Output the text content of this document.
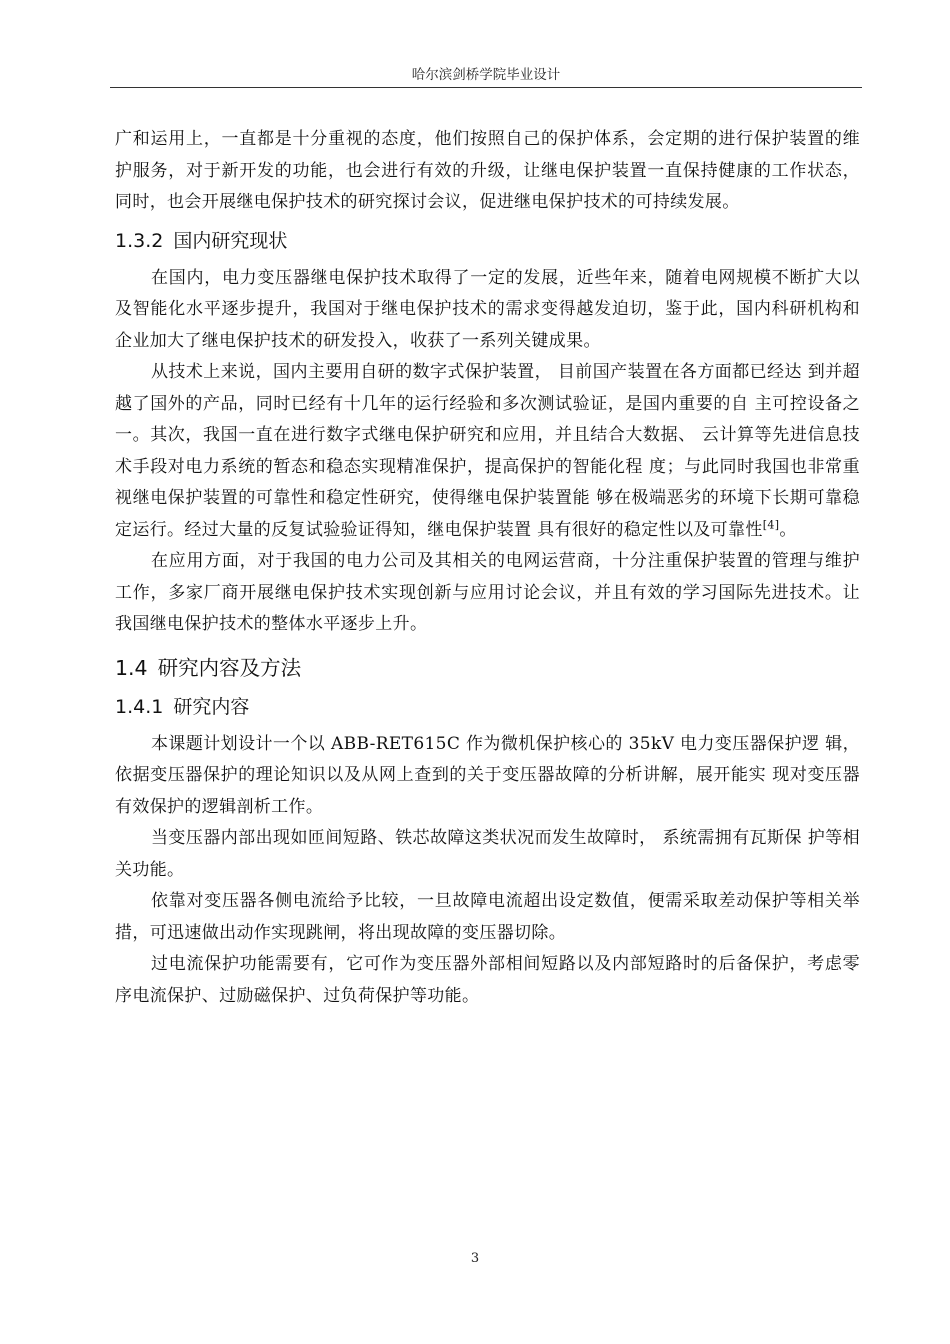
哈尔滨剑桥学院毕业设计

广和运用上，一直都是十分重视的态度，他们按照自己的保护体系，会定期的进行保护装置的维护服务，对于新开发的功能，也会进行有效的升级，让继电保护装置一直保持健康的工作状态，同时，也会开展继电保护技术的研究探讨会议，促进继电保护技术的可持续发展。

1.3.2 国内研究现状

在国内，电力变压器继电保护技术取得了一定的发展，近些年来，随着电网规模不断扩大以及智能化水平逐步提升，我国对于继电保护技术的需求变得越发迫切，鉴于此，国内科研机构和企业加大了继电保护技术的研发投入，收获了一系列关键成果。

从技术上来说，国内主要用自研的数字式保护装置， 目前国产装置在各方面都已经达 到并超越了国外的产品，同时已经有十几年的运行经验和多次测试验证，是国内重要的自 主可控设备之一。其次，我国一直在进行数字式继电保护研究和应用，并且结合大数据、 云计算等先进信息技术手段对电力系统的暂态和稳态实现精准保护，提高保护的智能化程 度；与此同时我国也非常重视继电保护装置的可靠性和稳定性研究，使得继电保护装置能 够在极端恶劣的环境下长期可靠稳定运行。经过大量的反复试验验证得知，继电保护装置 具有很好的稳定性以及可靠性[4]。

在应用方面，对于我国的电力公司及其相关的电网运营商，十分注重保护装置的管理与维护工作，多家厂商开展继电保护技术实现创新与应用讨论会议，并且有效的学习国际先进技术。让我国继电保护技术的整体水平逐步上升。

1.4 研究内容及方法
1.4.1 研究内容

本课题计划设计一个以 ABB-RET615C 作为微机保护核心的 35kV 电力变压器保护逻 辑，依据变压器保护的理论知识以及从网上查到的关于变压器故障的分析讲解，展开能实 现对变压器有效保护的逻辑剖析工作。

当变压器内部出现如匝间短路、铁芯故障这类状况而发生故障时， 系统需拥有瓦斯保 护等相关功能。

依靠对变压器各侧电流给予比较，一旦故障电流超出设定数值，便需采取差动保护等相关举措，可迅速做出动作实现跳闸，将出现故障的变压器切除。

过电流保护功能需要有，它可作为变压器外部相间短路以及内部短路时的后备保护，考虑零序电流保护、过励磁保护、过负荷保护等功能。

3
